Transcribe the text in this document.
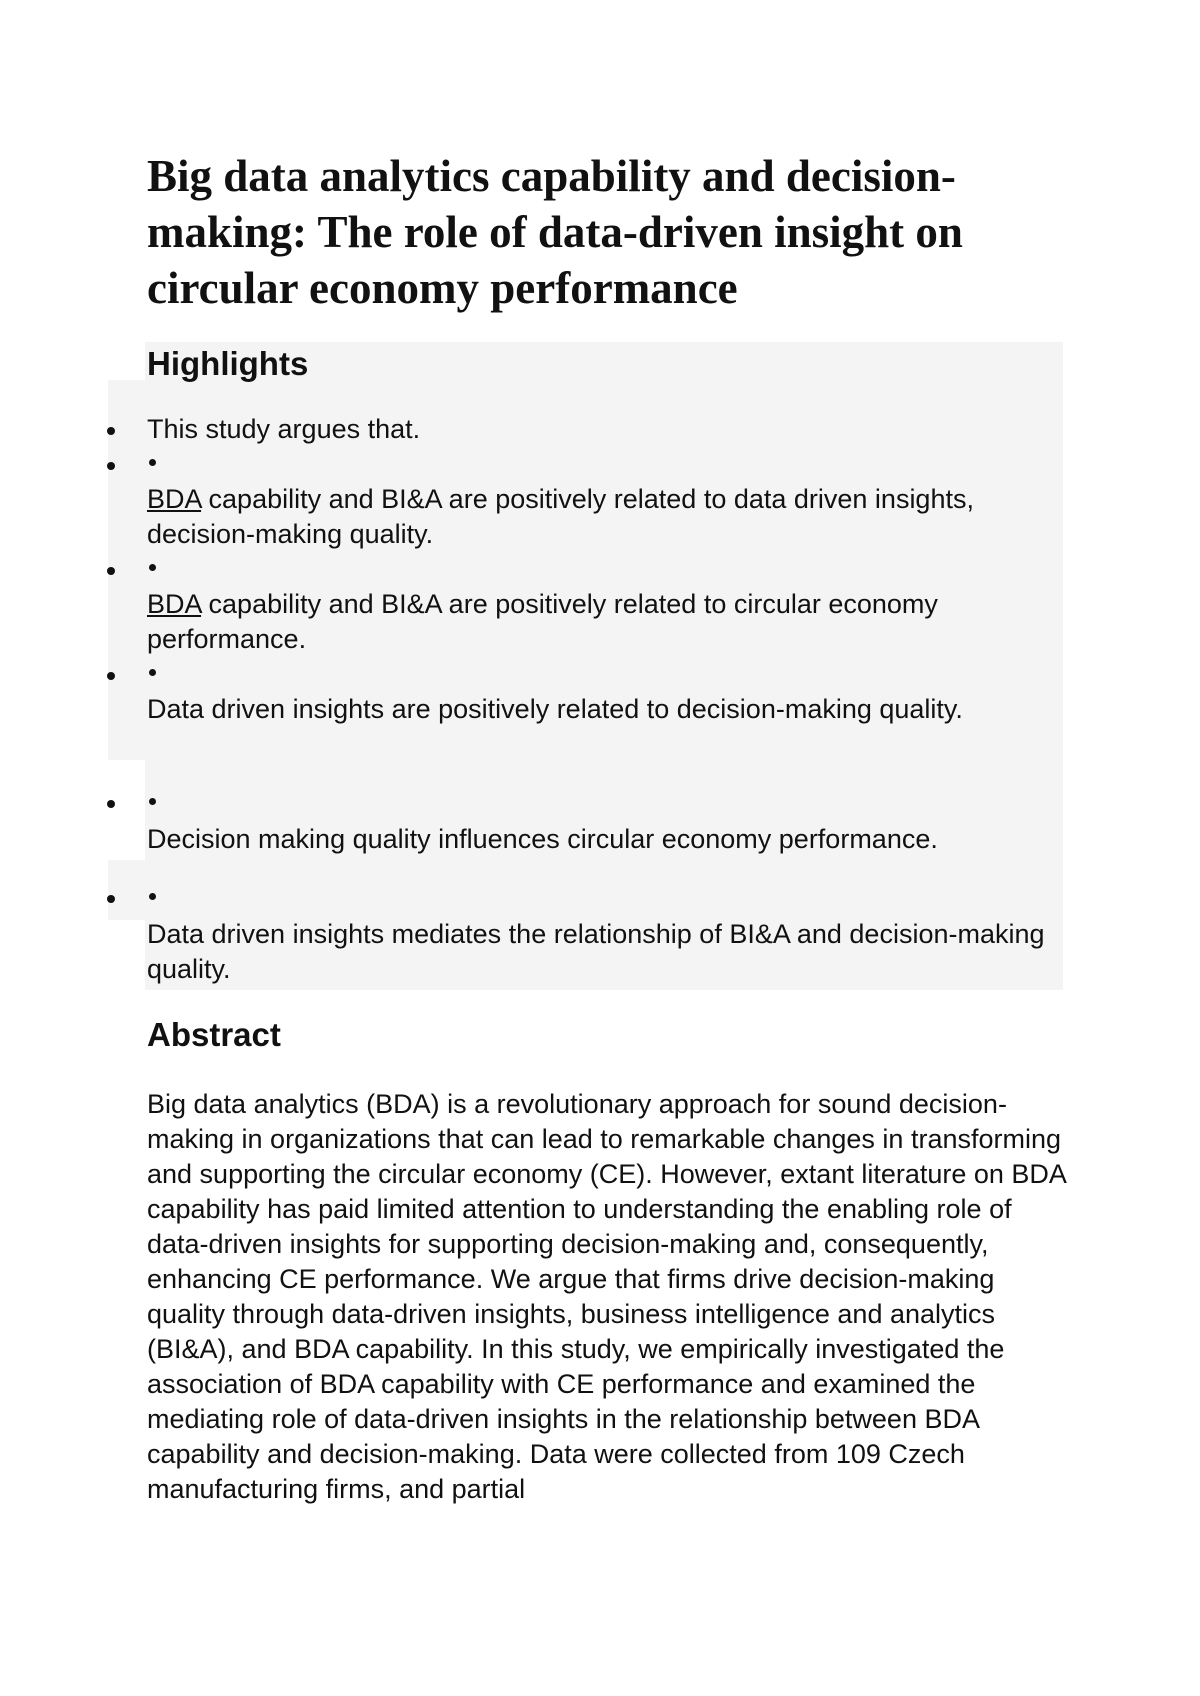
Big data analytics capability and decision-making: The role of data-driven insight on circular economy performance
Highlights

This study argues that.

BDA capability and BI&A are positively related to data driven insights, decision-making quality.

BDA capability and BI&A are positively related to circular economy performance.

Data driven insights are positively related to decision-making quality.

Decision making quality influences circular economy performance.

Data driven insights mediates the relationship of BI&A and decision-making quality.

Abstract

Big data analytics (BDA) is a revolutionary approach for sound decision-making in organizations that can lead to remarkable changes in transforming and supporting the circular economy (CE). However, extant literature on BDA capability has paid limited attention to understanding the enabling role of data-driven insights for supporting decision-making and, consequently, enhancing CE performance. We argue that firms drive decision-making quality through data-driven insights, business intelligence and analytics (BI&A), and BDA capability. In this study, we empirically investigated the association of BDA capability with CE performance and examined the mediating role of data-driven insights in the relationship between BDA capability and decision-making. Data were collected from 109 Czech manufacturing firms, and partial
